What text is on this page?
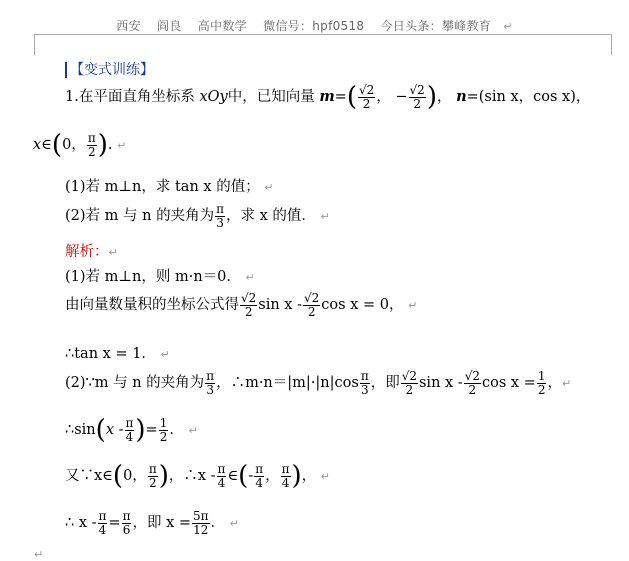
西安 阎良 高中数学 微信号：hpf0518 今日头条：攀峰教育 ↵
【变式训练】
1.在平面直角坐标系 xOy中，已知向量 $m=( \frac{√2}{2}$ ， − $\frac{√2}{2}$ )， n=(sin x，cos x)，
x∈(0， $\frac{\pi}{2}$ ). ↵
(1)若 m⊥n，求 tan x 的值； ↵
(2)若 m 与 n 的夹角为 $\frac{\pi}{3}$ ，求 x 的值． ↵
解析：↵
(1)若 m⊥n，则 m·n＝0． ↵
由向量数量积的坐标公式得 $\frac{√2}{2}$ sin x - $\frac{√2}{2}$ cos x = 0， ↵
∴tan x = 1． ↵
(2)∵m 与 n 的夹角为 $\frac{\pi}{3}$ ，∴m·n＝|m|·|n|cos $\frac{\pi}{3}$ ，即 $\frac{√2}{2}$ sin x - $\frac{√2}{2}$ $\cos x = \frac{1}{2}$ ，↵
∴sin(x - $\frac{\pi}{4}$ )= $\frac{1}{2}$ ． ↵
又∵x∈(0， $\frac{\pi}{2}$ )，∴x - $\frac{\pi}{4}$ ∈(- $\frac{\pi}{4}$ ， $\frac{\pi}{4}$ )， ↵
∴ $x - \frac{\pi}{4} = \frac{\pi}{6}$ ，即 $x = \frac{5\pi}{12}$ ． ↵
↵
